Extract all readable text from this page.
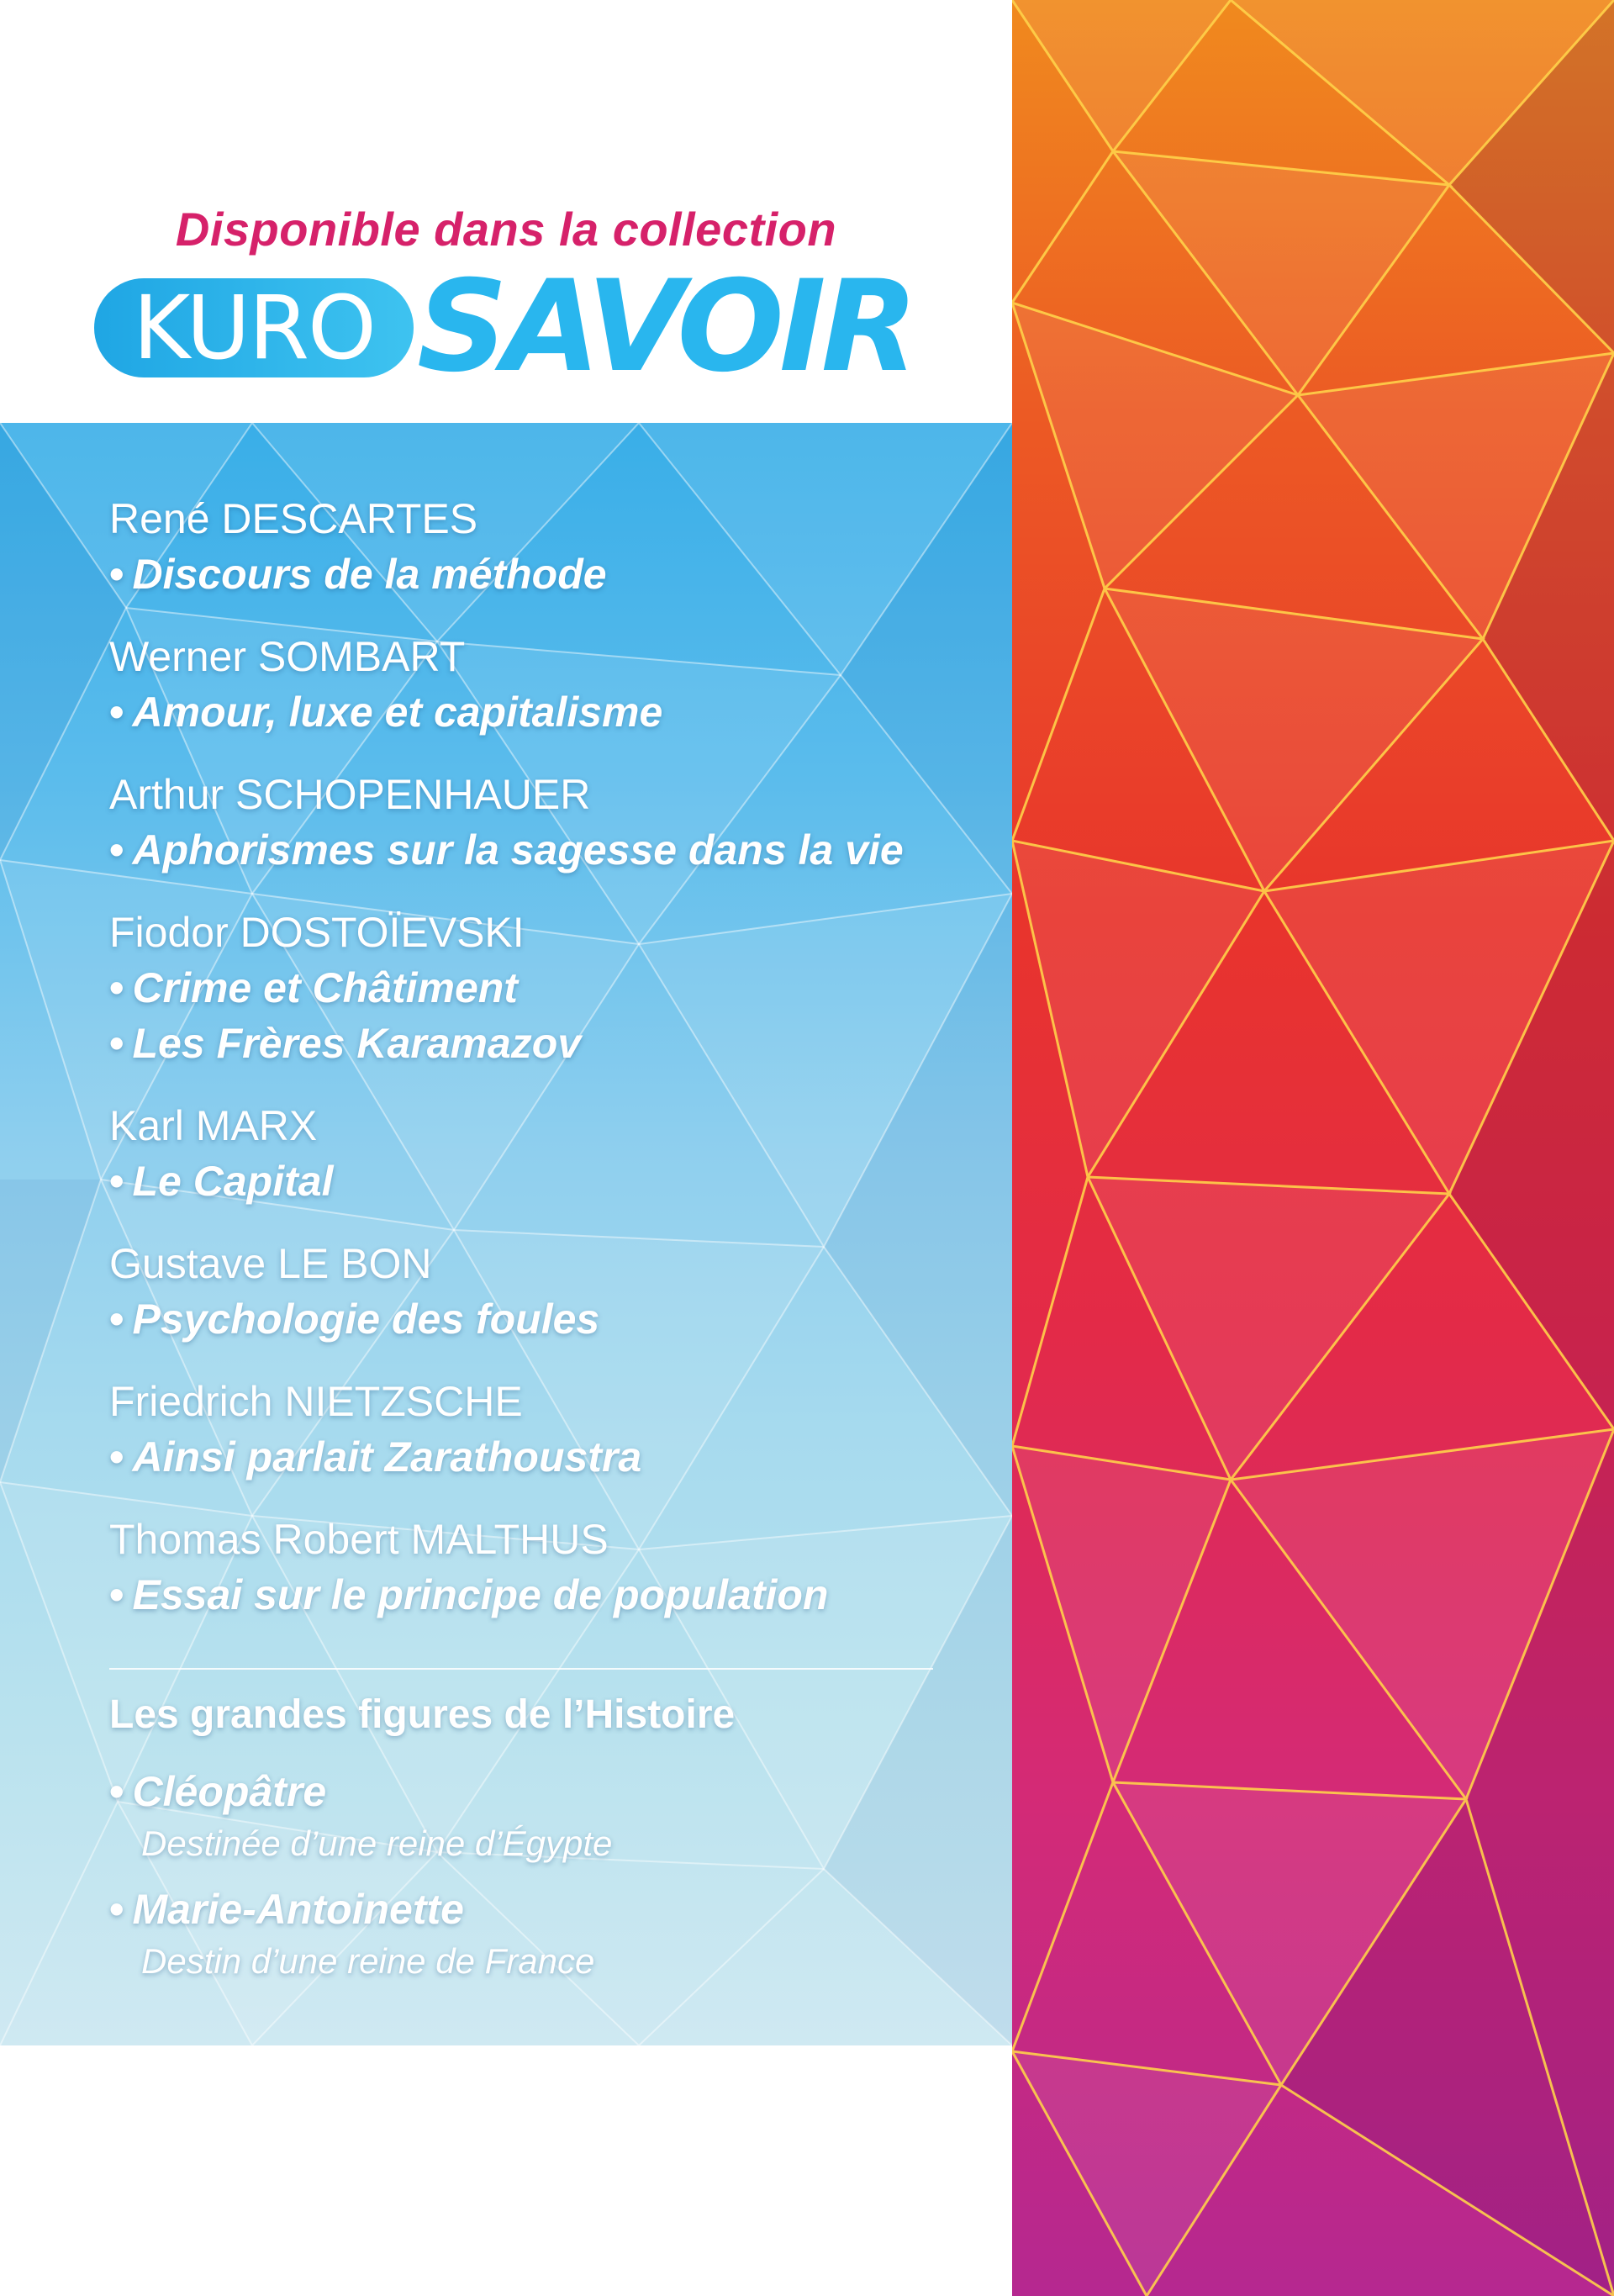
Disponible dans la collection
KURO SAVOIR
René DESCARTES
• Discours de la méthode
Werner SOMBART
• Amour, luxe et capitalisme
Arthur SCHOPENHAUER
• Aphorismes sur la sagesse dans la vie
Fiodor DOSTOÏEVSKI
• Crime et Châtiment
• Les Frères Karamazov
Karl MARX
• Le Capital
Gustave LE BON
• Psychologie des foules
Friedrich NIETZSCHE
• Ainsi parlait Zarathoustra
Thomas Robert MALTHUS
• Essai sur le principe de population
Les grandes figures de l’Histoire
• Cléopâtre
Destinée d’une reine d’Égypte
• Marie-Antoinette
Destin d’une reine de France
